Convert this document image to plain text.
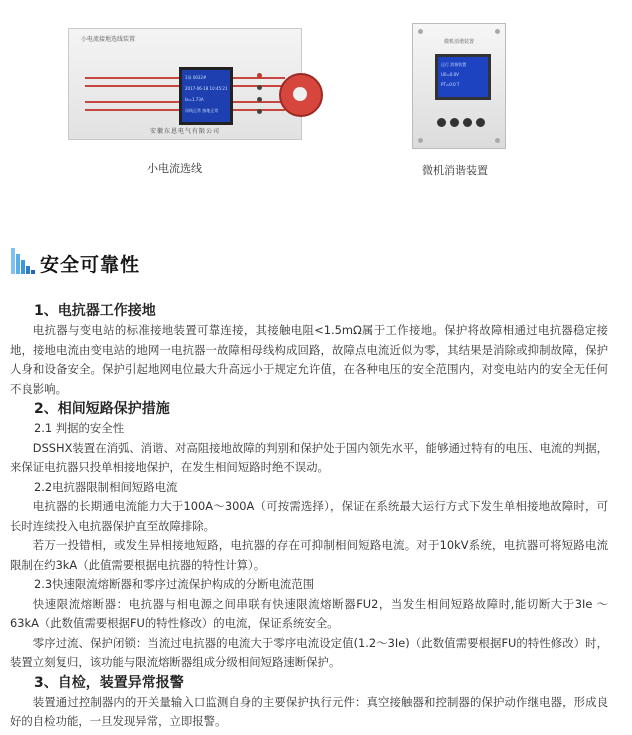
小电流接地选线装置
1母 0032#
2017-06-18 10:45:21
Ia=1.73A
母线正常 接地正常
安徽东恩电气有限公司
小电流选线
微机消谐装置
运行 消谐装置
U0=0.0V
PT=0:0 T
微机消谐装置
安全可靠性
1、电抗器工作接地

电抗器与变电站的标准接地装置可靠连接，其接触电阻<1.5mΩ属于工作接地。保护将故障相通过电抗器稳定接地，接地电流由变电站的地网一电抗器一故障相母线构成回路，故障点电流近似为零，其结果是消除或抑制故障，保护人身和设备安全。保护引起地网电位最大升高远小于规定允许值，在各种电压的安全范围内，对变电站内的安全无任何不良影响。

2、相间短路保护措施

2.1 判据的安全性

DSSHX装置在消弧、消谐、对高阻接地故障的判别和保护处于国内领先水平，能够通过特有的电压、电流的判据，来保证电抗器只投单相接地保护，在发生相间短路时绝不误动。

2.2电抗器限制相间短路电流

电抗器的长期通电流能力大于100A～300A（可按需选择），保证在系统最大运行方式下发生单相接地故障时，可长时连续投入电抗器保护直至故障排除。

若万一投错相，或发生异相接地短路，电抗器的存在可抑制相间短路电流。对于10kV系统，电抗器可将短路电流限制在约3kA（此值需要根据电抗器的特性计算）。

2.3快速限流熔断器和零序过流保护构成的分断电流范围

快速限流熔断器：电抗器与相电源之间串联有快速限流熔断器FU2，当发生相间短路故障时,能切断大于3Ie ～63kA（此数值需要根据FU的特性修改）的电流，保证系统安全。

零序过流、保护闭锁：当流过电抗器的电流大于零序电流设定值(1.2～3Ie)（此数值需要根据FU的特性修改）时，装置立刻复归，该功能与限流熔断器组成分级相间短路速断保护。

3、自检，装置异常报警

装置通过控制器内的开关量输入口监测自身的主要保护执行元件：真空接触器和控制器的保护动作继电器，形成良好的自检功能，一旦发现异常，立即报警。
